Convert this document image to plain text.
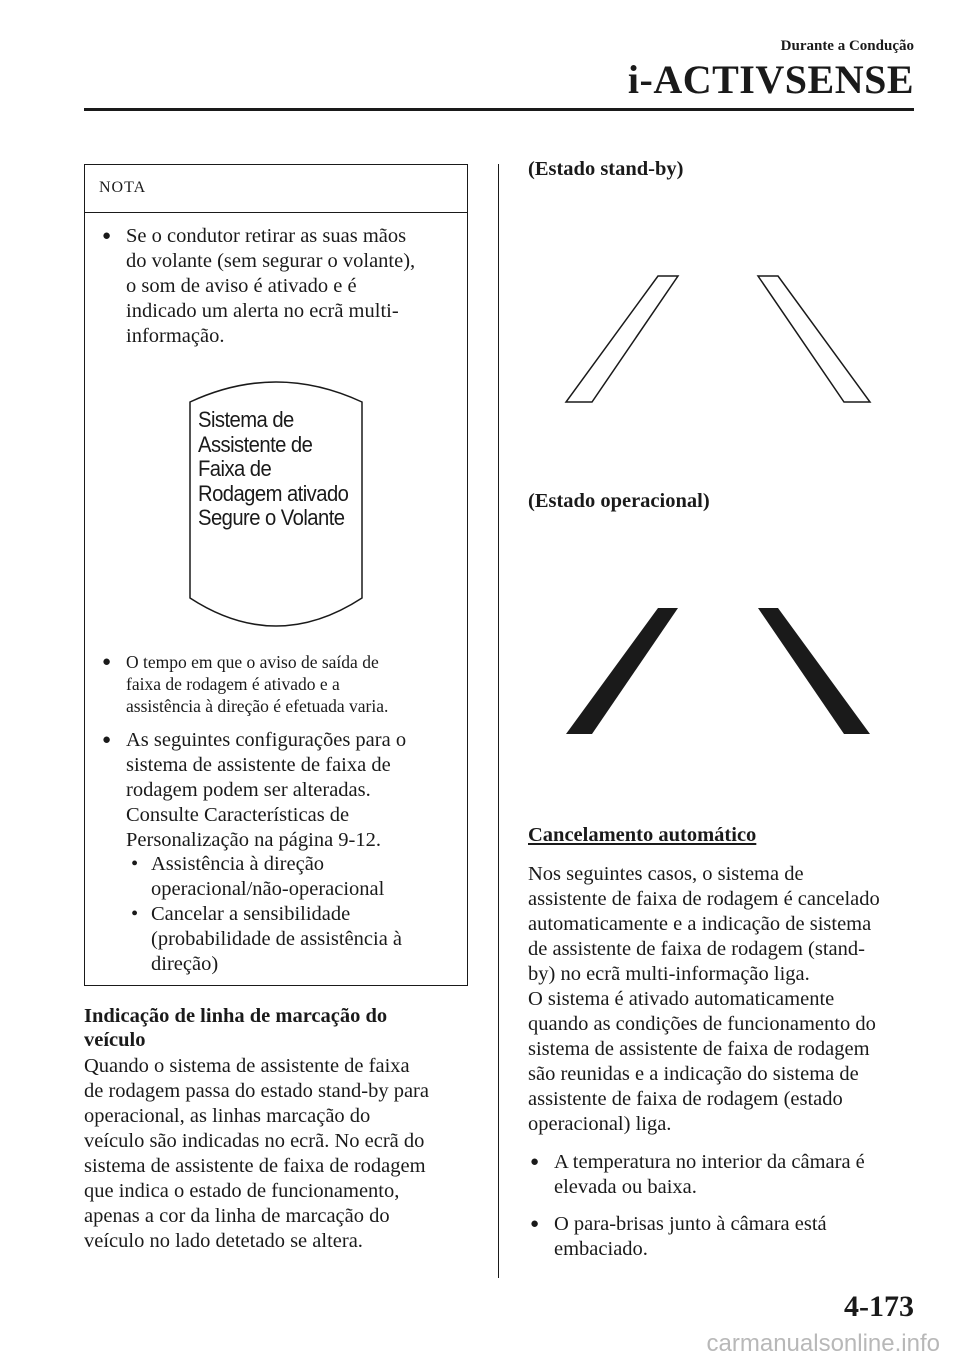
Durante a Condução
i-ACTIVSENSE
NOTA
● Se o condutor retirar as suas mãos
do volante (sem segurar o volante),
o som de aviso é ativado e é
indicado um alerta no ecrã multi-
informação.
Sistema de
Assistente de
Faixa de
Rodagem ativado
Segure o Volante
● O tempo em que o aviso de saída de
faixa de rodagem é ativado e a
assistência à direção é efetuada varia.
● As seguintes configurações para o
sistema de assistente de faixa de
rodagem podem ser alteradas.
Consulte Características de
Personalização na página 9-12.
• Assistência à direção
operacional/não-operacional
• Cancelar a sensibilidade
(probabilidade de assistência à
direção)
Indicação de linha de marcação do
veículo
Quando o sistema de assistente de faixa
de rodagem passa do estado stand-by para
operacional, as linhas marcação do
veículo são indicadas no ecrã. No ecrã do
sistema de assistente de faixa de rodagem
que indica o estado de funcionamento,
apenas a cor da linha de marcação do
veículo no lado detetado se altera.
(Estado stand-by)
(Estado operacional)
Cancelamento automático
Nos seguintes casos, o sistema de
assistente de faixa de rodagem é cancelado
automaticamente e a indicação de sistema
de assistente de faixa de rodagem (stand-
by) no ecrã multi-informação liga.
O sistema é ativado automaticamente
quando as condições de funcionamento do
sistema de assistente de faixa de rodagem
são reunidas e a indicação do sistema de
assistente de faixa de rodagem (estado
operacional) liga.
● A temperatura no interior da câmara é
elevada ou baixa.
● O para-brisas junto à câmara está
embaciado.
4-173
carmanualsonline.info
